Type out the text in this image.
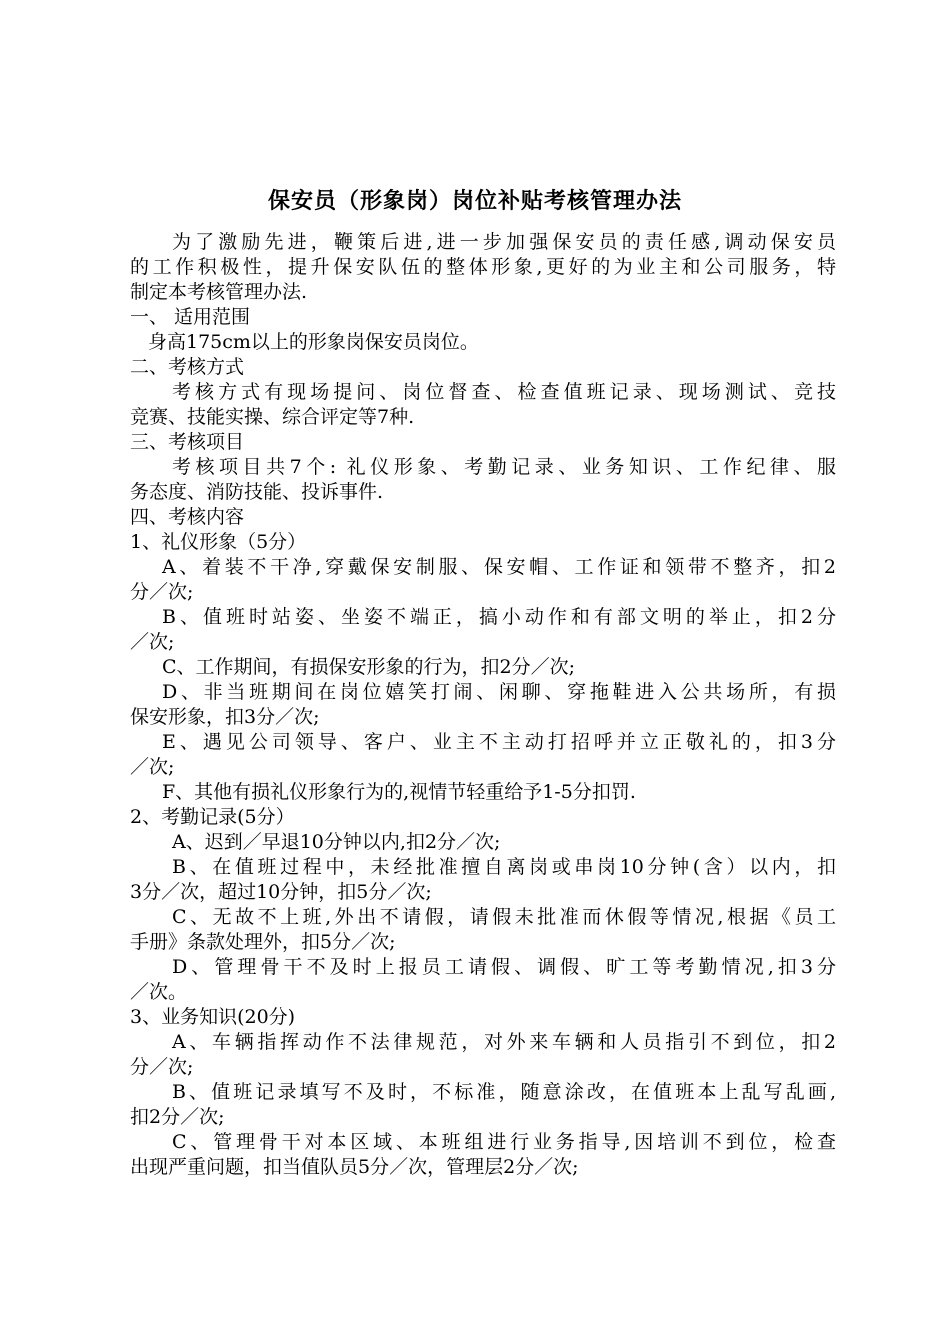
保安员（形象岗）岗位补贴考核管理办法
为了激励先进，鞭策后进,进一步加强保安员的责任感,调动保安员
的工作积极性，提升保安队伍的整体形象,更好的为业主和公司服务，特
制定本考核管理办法.
一、 适用范围
身高175cm以上的形象岗保安员岗位。
二、考核方式
考核方式有现场提问、岗位督查、检查值班记录、现场测试、竞技
竞赛、技能实操、综合评定等7种.
三、考核项目
考核项目共7个: 礼仪形象、考勤记录、业务知识、工作纪律、服
务态度、消防技能、投诉事件.
四、考核内容
1、礼仪形象（5分）
A、着装不干净,穿戴保安制服、保安帽、工作证和领带不整齐，扣2
分／次;
B、值班时站姿、坐姿不端正，搞小动作和有部文明的举止，扣2分
／次;
C、工作期间，有损保安形象的行为，扣2分／次;
D、非当班期间在岗位嬉笑打闹、闲聊、穿拖鞋进入公共场所，有损
保安形象，扣3分／次;
E、遇见公司领导、客户、业主不主动打招呼并立正敬礼的，扣3分
／次;
F、其他有损礼仪形象行为的,视情节轻重给予1-5分扣罚.
2、考勤记录(5分）
A、迟到／早退10分钟以内,扣2分／次;
B、在值班过程中，未经批准擅自离岗或串岗10分钟(含）以内，扣
3分／次，超过10分钟，扣5分／次;
C、无故不上班,外出不请假，请假未批准而休假等情况,根据《员工
手册》条款处理外，扣5分／次;
D、管理骨干不及时上报员工请假、调假、旷工等考勤情况,扣3分
／次。
3、业务知识(20分)
A、车辆指挥动作不法律规范，对外来车辆和人员指引不到位，扣2
分／次;
B、值班记录填写不及时，不标准，随意涂改，在值班本上乱写乱画,
扣2分／次;
C、管理骨干对本区域、本班组进行业务指导,因培训不到位，检查
出现严重问题，扣当值队员5分／次，管理层2分／次;
